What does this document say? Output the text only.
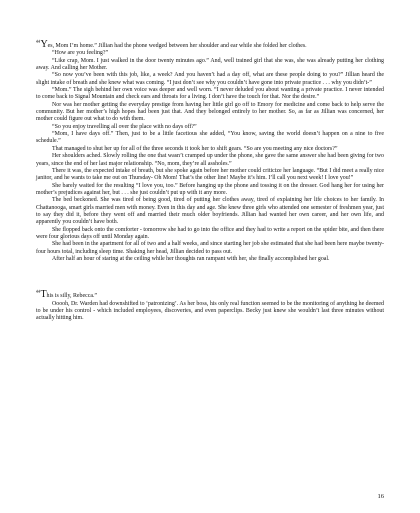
“Yes, Mom I’m home.” Jillian had the phone wedged between her shoulder and ear while she folded her clothes.

“How are you feeling?”

“Like crap, Mom. I just walked in the door twenty minutes ago.” And, well trained girl that she was, she was already putting her clothing away. And calling her Mother.

“So now you’ve been with this job, like, a week? And you haven’t had a day off, what are these people doing to you?” Jillian heard the slight intake of breath and she knew what was coming. “I just don’t see why you couldn’t have gone into private practice . . . why you didn’t-”

“Mom.” The sigh behind her own voice was deeper and well worn. “I never deluded you about wanting a private practice. I never intended to come back to Signal Mountain and check ears and throats for a living. I don’t have the touch for that. Nor the desire.”

Nor was her mother getting the everyday prestige from having her little girl go off to Emory for medicine and come back to help serve the community. But her mother’s high hopes had been just that. And they belonged entirely to her mother. So, as far as Jillian was concerned, her mother could figure out what to do with them.

“So you enjoy travelling all over the place with no days off?”

“Mom, I have days off.” Then, just to be a little facetious she added, “You know, saving the world doesn’t happen on a nine to five schedule.”

That managed to shut her up for all of the three seconds it took her to shift gears. “So are you meeting any nice doctors?”

Her shoulders ached. Slowly rolling the one that wasn’t cramped up under the phone, she gave the same answer she had been giving for two years, since the end of her last major relationship. “No, mom, they’re all assholes.”

There it was, the expected intake of breath, but she spoke again before her mother could criticize her language. “But I did meet a really nice janitor, and he wants to take me out on Thursday- Oh Mom! That’s the other line! Maybe it’s him. I’ll call you next week! I love you!”

She barely waited for the resulting “I love you, too.” Before hanging up the phone and tossing it on the dresser. God hang her for using her mother’s prejudices against her, but . . . she just couldn’t put up with it any more.

The bed beckoned. She was tired of being good, tired of putting her clothes away, tired of explaining her life choices to her family. In Chattanooga, smart girls married men with money. Even in this day and age. She knew three girls who attended one semester of freshmen year, just to say they did it, before they went off and married their much older boyfriends. Jillian had wanted her own career, and her own life, and apparently you couldn’t have both.

She flopped back onto the comforter - tomorrow she had to go into the office and they had to write a report on the spider bite, and then there were four glorious days off until Monday again.

She had been in the apartment for all of two and a half weeks, and since starting her job she estimated that she had been here maybe twenty-four hours total, including sleep time. Shaking her head, Jillian decided to pass out.

After half an hour of staring at the ceiling while her thoughts ran rampant with her, she finally accomplished her goal.

“This is silly, Rebecca.”

Ooooh, Dr. Warden had downshifted to ‘patronizing’. As her boss, his only real function seemed to be the monitoring of anything he deemed to be under his control - which included employees, discoveries, and even paperclips. Becky just knew she wouldn’t last three minutes without actually hitting him.

16
